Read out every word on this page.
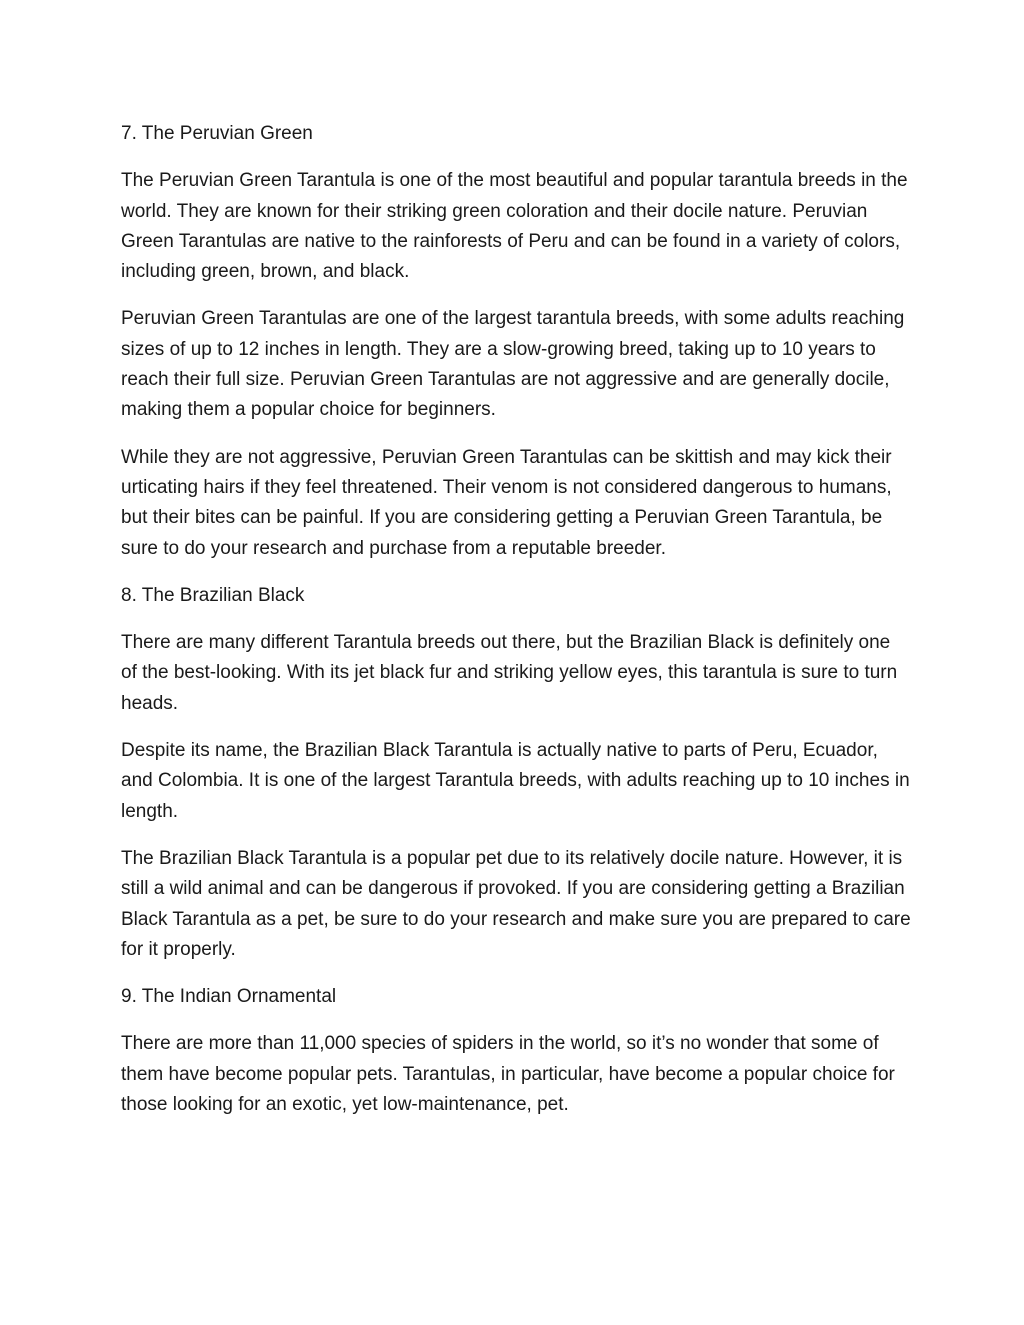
7. The Peruvian Green

The Peruvian Green Tarantula is one of the most beautiful and popular tarantula breeds in the world. They are known for their striking green coloration and their docile nature. Peruvian Green Tarantulas are native to the rainforests of Peru and can be found in a variety of colors, including green, brown, and black.

Peruvian Green Tarantulas are one of the largest tarantula breeds, with some adults reaching sizes of up to 12 inches in length. They are a slow-growing breed, taking up to 10 years to reach their full size. Peruvian Green Tarantulas are not aggressive and are generally docile, making them a popular choice for beginners.

While they are not aggressive, Peruvian Green Tarantulas can be skittish and may kick their urticating hairs if they feel threatened. Their venom is not considered dangerous to humans, but their bites can be painful. If you are considering getting a Peruvian Green Tarantula, be sure to do your research and purchase from a reputable breeder.

8. The Brazilian Black

There are many different Tarantula breeds out there, but the Brazilian Black is definitely one of the best-looking. With its jet black fur and striking yellow eyes, this tarantula is sure to turn heads.

Despite its name, the Brazilian Black Tarantula is actually native to parts of Peru, Ecuador, and Colombia. It is one of the largest Tarantula breeds, with adults reaching up to 10 inches in length.

The Brazilian Black Tarantula is a popular pet due to its relatively docile nature. However, it is still a wild animal and can be dangerous if provoked. If you are considering getting a Brazilian Black Tarantula as a pet, be sure to do your research and make sure you are prepared to care for it properly.

9. The Indian Ornamental

There are more than 11,000 species of spiders in the world, so it’s no wonder that some of them have become popular pets. Tarantulas, in particular, have become a popular choice for those looking for an exotic, yet low-maintenance, pet.
